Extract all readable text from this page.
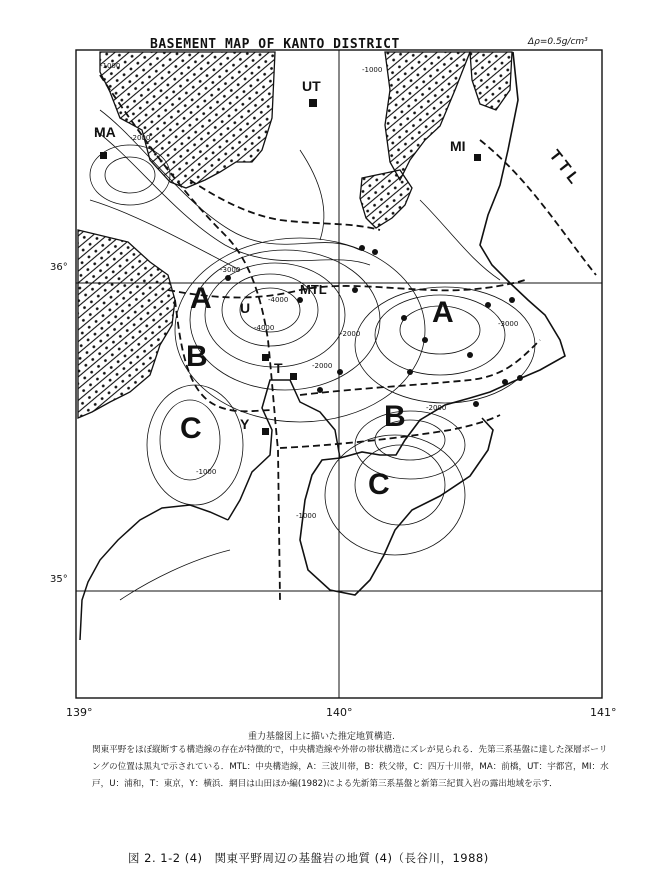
BASEMENT MAP OF KANTO DISTRICT	Δρ=0.5g/cm³
36°
35°
139°	140°	141°
A
B
C
A
B
C
UT
MA
MI
T
U
Y
TTL
MTL
-1000
-2000
-3000
-4000
-2000
-2000
-1000
-3000
-1000
-1000
-2000
-4000
重力基盤図上に描いた推定地質構造.
関東平野をほぼ縦断する構造線の存在が特徴的で，中央構造線や外帯の帯状構造にズレが見られる．先第三系基盤に達した深層ボーリングの位置は黒丸で示されている．MTL：中央構造線，A：三波川帯，B：秩父帯，C：四万十川帯，MA：前橋，UT：宇都宮，MI：水戸，U：浦和，T：東京，Y：横浜．網目は山田ほか編(1982)による先新第三系基盤と新第三紀貫入岩の露出地域を示す．
図 2. 1-2 (4)　関東平野周辺の基盤岩の地質 (4)（長谷川，1988)
